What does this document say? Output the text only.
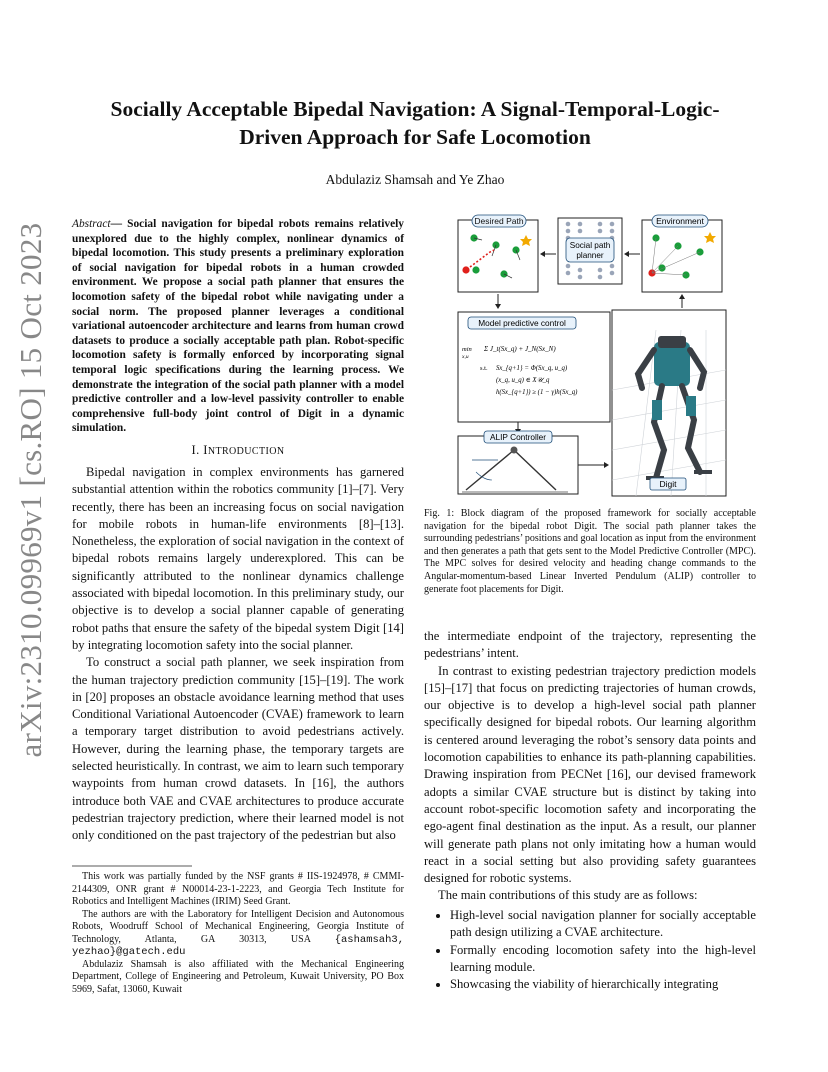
arXiv:2310.09969v1 [cs.RO] 15 Oct 2023
Socially Acceptable Bipedal Navigation: A Signal-Temporal-Logic-
Driven Approach for Safe Locomotion
Abdulaziz Shamsah and Ye Zhao
Abstract— Social navigation for bipedal robots remains relatively unexplored due to the highly complex, nonlinear dynamics of bipedal locomotion. This study presents a preliminary exploration of social navigation for bipedal robots in a human crowded environment. We propose a social path planner that ensures the locomotion safety of the bipedal robot while navigating under a social norm. The proposed planner leverages a conditional variational autoencoder architecture and learns from human crowd datasets to produce a socially acceptable path plan. Robot-specific locomotion safety is formally enforced by incorporating signal temporal logic specifications during the learning process. We demonstrate the integration of the social path planner with a model predictive controller and a low-level passivity controller to enable comprehensive full-body joint control of Digit in a dynamic simulation.
I. INTRODUCTION

Bipedal navigation in complex environments has garnered substantial attention within the robotics community [1]–[7]. Very recently, there has been an increasing focus on social navigation for mobile robots in human-life environments [8]–[13]. Nonetheless, the exploration of social navigation in the context of bipedal robots remains largely underexplored. This can be significantly attributed to the nonlinear dynamics challenge associated with bipedal locomotion. In this preliminary study, our objective is to develop a social planner capable of generating robot paths that ensure the safety of the bipedal system Digit [14] by integrating locomotion safety into the social planner.

To construct a social path planner, we seek inspiration from the human trajectory prediction community [15]–[19]. The work in [20] proposes an obstacle avoidance learning method that uses Conditional Variational Autoencoder (CVAE) framework to learn a temporary target distribution to avoid pedestrians actively. However, during the learning phase, the temporary targets are selected heuristically. In contrast, we aim to learn such temporary waypoints from human crowd datasets. In [16], the authors introduce both VAE and CVAE architectures to produce accurate pedestrian trajectory prediction, where their learned model is not only conditioned on the past trajectory of the pedestrian but also

This work was partially funded by the NSF grants # IIS-1924978, # CMMI-2144309, ONR grant # N00014-23-1-2223, and Georgia Tech Institute for Robotics and Intelligent Machines (IRIM) Seed Grant.

The authors are with the Laboratory for Intelligent Decision and Autonomous Robots, Woodruff School of Mechanical Engineering, Georgia Institute of Technology, Atlanta, GA 30313, USA {ashamsah3, yezhao}@gatech.edu

Abdulaziz Shamsah is also affiliated with the Mechanical Engineering Department, College of Engineering and Petroleum, Kuwait University, PO Box 5969, Safat, 13060, Kuwait

Desired Path
Social path
planner
Environment
Model predictive control
min
x,u
Σ J_t(Sx_q) + J_N(Sx_N)
s.t. Sx_{q+1} = Φ(Sx_q, u_q)
(x_q, u_q) ∈ X𝒰_q
h(Sx_{q+1}) ≥ (1 − γ)h(Sx_q)
ALIP Controller
Digit
Fig. 1: Block diagram of the proposed framework for socially acceptable navigation for the bipedal robot Digit. The social path planner takes the surrounding pedestrians’ positions and goal location as input from the environment and then generates a path that gets sent to the Model Predictive Controller (MPC). The MPC solves for desired velocity and heading change commands to the Angular-momentum-based Linear Inverted Pendulum (ALIP) controller to generate foot placements for Digit.

the intermediate endpoint of the trajectory, representing the pedestrians’ intent.

In contrast to existing pedestrian trajectory prediction models [15]–[17] that focus on predicting trajectories of human crowds, our objective is to develop a high-level social path planner specifically designed for bipedal robots. Our learning algorithm is centered around leveraging the robot’s sensory data points and locomotion capabilities to enhance its path-planning capabilities. Drawing inspiration from PECNet [16], our devised framework adopts a similar CVAE structure but is distinct by taking into account robot-specific locomotion safety and incorporating the ego-agent final destination as the input. As a result, our planner will generate path plans not only imitating how a human would react in a social setting but also providing safety guarantees designed for robotic systems.

The main contributions of this study are as follows:

• High-level social navigation planner for socially acceptable path design utilizing a CVAE architecture.
• Formally encoding locomotion safety into the high-level learning module.
• Showcasing the viability of hierarchically integrating
